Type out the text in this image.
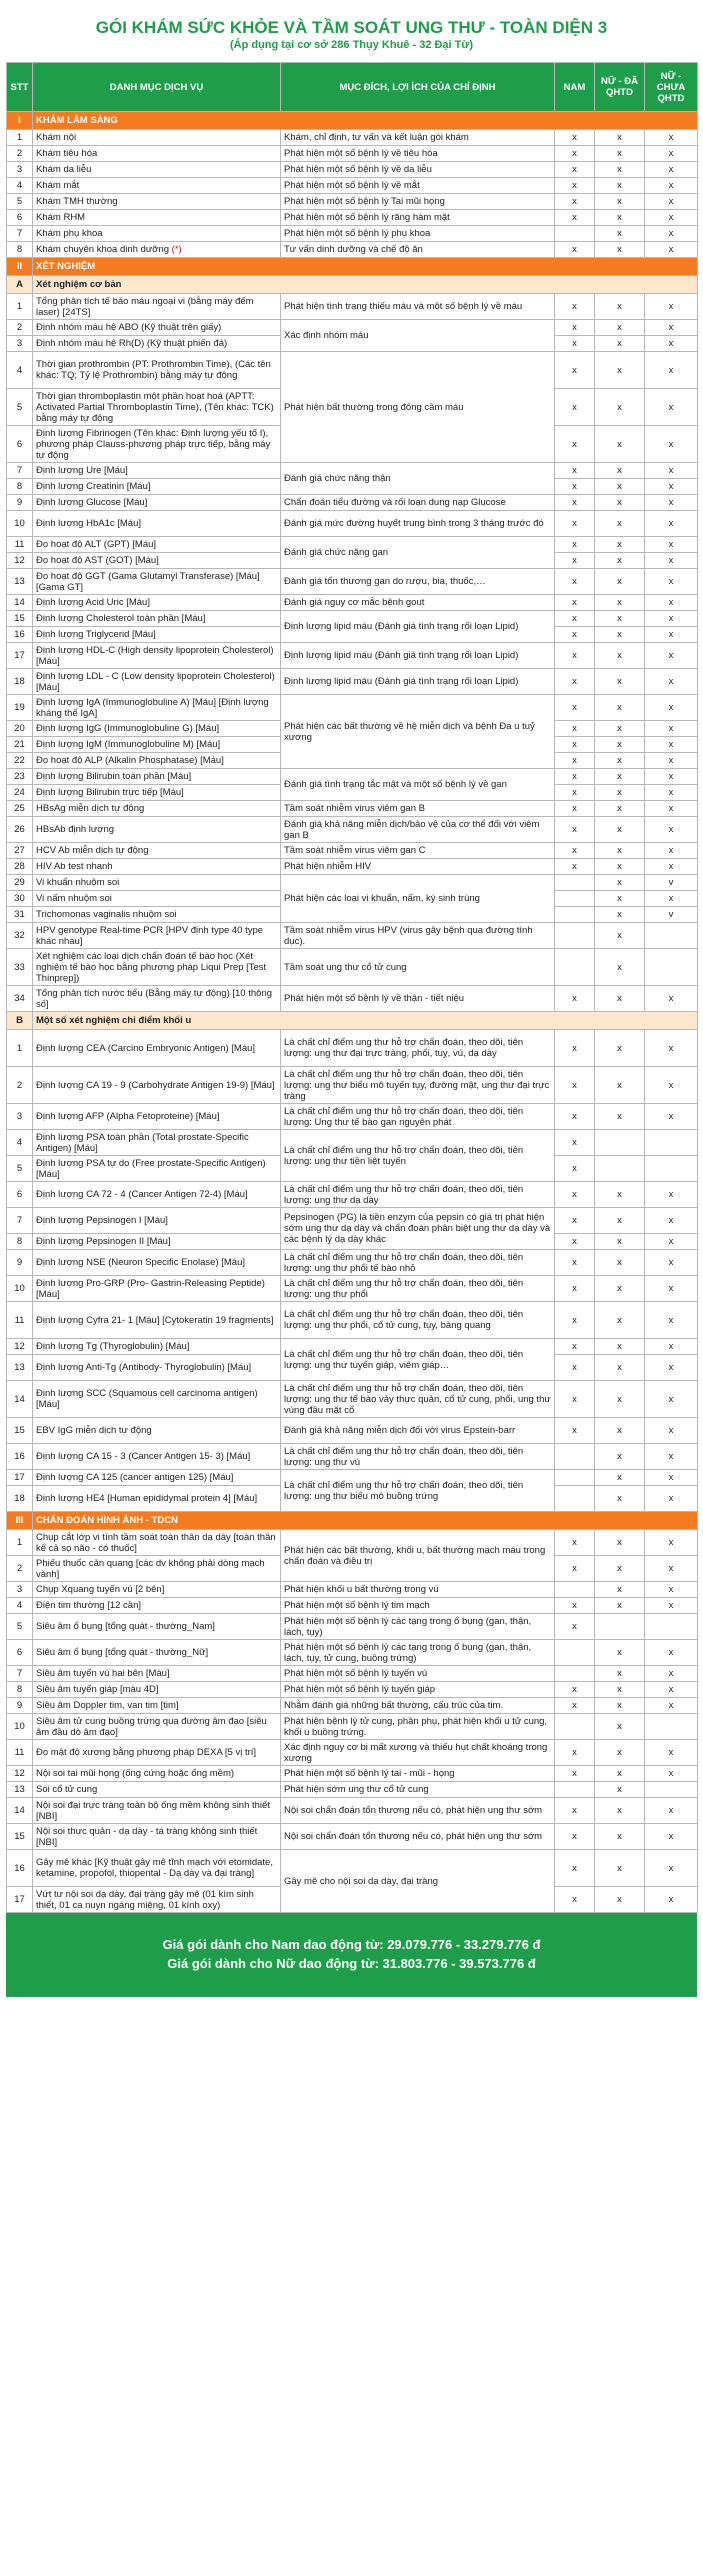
GÓI KHÁM SỨC KHỎE VÀ TẦM SOÁT UNG THƯ - TOÀN DIỆN 3
(Áp dụng tại cơ sở 286 Thụy Khuê - 32 Đại Từ)
STT	DANH MỤC DỊCH VỤ	MỤC ĐÍCH, LỢI ÍCH CỦA CHỈ ĐỊNH	NAM	NỮ - ĐÃ QHTD	NỮ - CHƯA QHTD
I	KHÁM LÂM SÀNG				
1	Khám nội	Khám, chỉ định, tư vấn và kết luận gói khám	x	x	x
2	Khám tiêu hóa	Phát hiện một số bệnh lý về tiêu hóa	x	x	x
3	Khám da liễu	Phát hiện một số bệnh lý về da liễu	x	x	x
4	Khám mắt	Phát hiện một số bệnh lý về mắt	x	x	x
5	Khám TMH thường	Phát hiện một số bệnh lý Tai mũi họng	x	x	x
6	Khám RHM	Phát hiện một số bệnh lý răng hàm mặt	x	x	x
7	Khám phụ khoa	Phát hiện một số bệnh lý phụ khoa		x	x
8	Khám chuyên khoa dinh dưỡng (*)	Tư vấn dinh dưỡng và chế độ ăn	x	x	x
II	XÉT NGHIỆM				
A	Xét nghiệm cơ bản				
1	Tổng phân tích tế bào máu ngoại vi (bằng máy đếm laser) [24TS]	Phát hiện tình trạng thiếu máu và một số bệnh lý về máu	x	x	x
2	Định nhóm máu hệ ABO (Kỹ thuật trên giấy)	Xác định nhóm máu	x	x	x
3	Định nhóm máu hệ Rh(D) (Kỹ thuật phiến đá)		x	x	x
4	Thời gian prothrombin (PT: Prothrombin Time), (Các tên khác: TQ; Tỷ lệ Prothrombin) bằng máy tự động	Phát hiện bất thường trong đông cầm máu	x	x	x
5	Thời gian thromboplastin một phần hoạt hoá (APTT: Activated Partial Thromboplastin Time), (Tên khác: TCK) bằng máy tự động		x	x	x
6	Định lượng Fibrinogen (Tên khác: Định lượng yếu tố I), phương pháp Clauss-phương pháp trực tiếp, bằng máy tự động		x	x	x
7	Định lượng Ure [Máu]	Đánh giá chức năng thận	x	x	x
8	Định lượng Creatinin [Máu]		x	x	x
9	Định lượng Glucose [Máu]	Chẩn đoán tiểu đường và rối loạn dung nạp Glucose	x	x	x
10	Định lượng HbA1c [Máu]	Đánh giá mức đường huyết trung bình trong 3 tháng trước đó	x	x	x
11	Đo hoạt độ ALT (GPT) [Máu]	Đánh giá chức năng gan	x	x	x
12	Đo hoạt độ AST (GOT) [Máu]		x	x	x
13	Đo hoạt độ GGT (Gama Glutamyl Transferase) [Máu] [Gama GT]	Đánh giá tổn thương gan do rượu, bia, thuốc,…	x	x	x
14	Định lượng Acid Uric [Máu]	Đánh giá nguy cơ mắc bệnh gout	x	x	x
15	Định lượng Cholesterol toàn phần [Máu]	Định lượng lipid máu (Đánh giá tình trạng rối loạn Lipid)	x	x	x
16	Định lượng Triglycerid [Máu]		x	x	x
17	Định lượng HDL-C (High density lipoprotein Cholesterol) [Máu]	Định lượng lipid máu (Đánh giá tình trạng rối loạn Lipid)	x	x	x
18	Định lượng LDL - C (Low density lipoprotein Cholesterol) [Máu]	Định lượng lipid máu (Đánh giá tình trạng rối loạn Lipid)	x	x	x
19	Định lượng IgA (Immunoglobuline A) [Máu] [Định lượng kháng thể IgA]	Phát hiện các bất thường về hệ miễn dịch và bệnh Đa u tuỷ xương	x	x	x
20	Định lượng IgG (Immunoglobuline G) [Máu]		x	x	x
21	Định lượng IgM (Immunoglobuline M) [Máu]		x	x	x
22	Đo hoạt độ ALP (Alkalin Phosphatase) [Máu]		x	x	x
23	Định lượng Bilirubin toàn phần [Máu]	Đánh giá tình trạng tắc mật và một số bệnh lý về gan	x	x	x
24	Định lượng Bilirubin trực tiếp [Máu]		x	x	x
25	HBsAg miễn dịch tự động	Tầm soát nhiễm virus viêm gan B	x	x	x
26	HBsAb định lượng	Đánh giá khả năng miễn dịch/bảo vệ của cơ thể đối với viêm gan B	x	x	x
27	HCV Ab miễn dịch tự động	Tầm soát nhiễm virus viêm gan C	x	x	x
28	HIV Ab test nhanh	Phát hiện nhiễm HIV	x	x	x
29	Vi khuẩn nhuộm soi	Phát hiện các loại vi khuẩn, nấm, ký sinh trùng		x	v
30	Vi nấm nhuộm soi			x	x
31	Trichomonas vaginalis nhuộm soi			x	v
32	HPV genotype Real-time PCR [HPV định type 40 type khác nhau]	Tầm soát nhiễm virus HPV (virus gây bệnh qua đường tình dục).		x	
33	Xét nghiệm các loại dịch chẩn đoán tế bào học (Xét nghiệm tế bào học bằng phương pháp Liqui Prep [Test Thinprep])	Tầm soát ung thư cổ tử cung		x	
34	Tổng phân tích nước tiểu (Bằng máy tự động) [10 thông số]	Phát hiện một số bệnh lý về thận - tiết niệu	x	x	x
B	Một số xét nghiệm chỉ điểm khối u				
1	Định lượng CEA (Carcino Embryonic Antigen) [Máu]	Là chất chỉ điểm ung thư hỗ trợ chẩn đoán, theo dõi, tiên lượng: ung thư đại trực tràng, phổi, tuỵ, vú, dạ dày	x	x	x
2	Định lượng CA 19 - 9 (Carbohydrate Antigen 19-9) [Máu]	Là chất chỉ điểm ung thư hỗ trợ chẩn đoán, theo dõi, tiên lượng: ung thư biểu mô tuyến tụy, đường mật, ung thư đại trực tràng	x	x	x
3	Định lượng AFP (Alpha Fetoproteine) [Máu]	Là chất chỉ điểm ung thư hỗ trợ chẩn đoán, theo dõi, tiên lượng: Ung thư tế bào gan nguyên phát	x	x	x
4	Định lượng PSA toàn phần (Total prostate-Specific Antigen) [Máu]	Là chất chỉ điểm ung thư hỗ trợ chẩn đoán, theo dõi, tiên lượng: ung thư tiền liệt tuyến	x		
5	Định lượng PSA tự do (Free prostate-Specific Antigen) [Máu]		x		
6	Định lượng CA 72 - 4 (Cancer Antigen 72-4) [Máu]	Là chất chỉ điểm ung thư hỗ trợ chẩn đoán, theo dõi, tiên lượng: ung thư dạ dày	x	x	x
7	Định lượng Pepsinogen I [Máu]	Pepsinogen (PG) là tiền enzym của pepsin có giá trị phát hiện sớm ung thư dạ dày và chẩn đoán phân biệt ung thư dạ dày và các bệnh lý dạ dày khác	x	x	x
8	Định lượng Pepsinogen II [Máu]		x	x	x
9	Định lượng NSE (Neuron Specific Enolase) [Máu]	Là chất chỉ điểm ung thư hỗ trợ chẩn đoán, theo dõi, tiên lượng: ung thư phổi tế bào nhỏ	x	x	x
10	Định lượng Pro-GRP (Pro- Gastrin-Releasing Peptide) [Máu]	Là chất chỉ điểm ung thư hỗ trợ chẩn đoán, theo dõi, tiên lượng: ung thư phổi	x	x	x
11	Định lượng Cyfra 21- 1 [Máu] [Cytokeratin 19 fragments]	Là chất chỉ điểm ung thư hỗ trợ chẩn đoán, theo dõi, tiên lượng: ung thư phổi, cổ tử cung, tụy, bàng quang	x	x	x
12	Định lượng Tg (Thyroglobulin) [Máu]	Là chất chỉ điểm ung thư hỗ trợ chẩn đoán, theo dõi, tiên lượng: ung thư tuyến giáp, viêm giáp…	x	x	x
13	Định lượng Anti-Tg (Antibody- Thyroglobulin) [Máu]		x	x	x
14	Định lượng SCC (Squamous cell carcinoma antigen) [Máu]	Là chất chỉ điểm ung thư hỗ trợ chẩn đoán, theo dõi, tiên lượng: ung thư tế bào vảy thực quản, cổ tử cung, phổi, ung thư vùng đầu mặt cổ	x	x	x
15	EBV IgG miễn dịch tự động	Đánh giá khả năng miễn dịch đối với virus Epstein-barr	x	x	x
16	Định lượng CA 15 - 3 (Cancer Antigen 15- 3) [Máu]	Là chất chỉ điểm ung thư hỗ trợ chẩn đoán, theo dõi, tiên lượng: ung thư vú		x	x
17	Định lượng CA 125 (cancer antigen 125) [Máu]	Là chất chỉ điểm ung thư hỗ trợ chẩn đoán, theo dõi, tiên lượng: ung thư biểu mô buồng trứng		x	x
18	Định lượng HE4 [Human epididymal protein 4] [Máu]			x	x
III	CHẨN ĐOÁN HÌNH ẢNH - TDCN				
1	Chụp cắt lớp vi tính tầm soát toàn thân dạ dày [toàn thân kể cả sọ não - có thuốc]	Phát hiện các bất thường, khối u, bất thường mạch máu trong chẩn đoán và điều trị	x	x	x
2	Phiếu thuốc cản quang [các dv không phải dòng mạch vành]		x	x	x
3	Chụp Xquang tuyến vú [2 bên]	Phát hiện khối u bất thường trong vú		x	x
4	Điện tim thường [12 cần]	Phát hiện một số bệnh lý tim mạch	x	x	x
5	Siêu âm ổ bụng [tổng quát - thường_Nam]	Phát hiện một số bệnh lý các tạng trong ổ bụng (gan, thận, lách, tụy)	x		
6	Siêu âm ổ bụng [tổng quát - thường_Nữ]	Phát hiện một số bệnh lý các tạng trong ổ bụng (gan, thận, lách, tụy, tử cung, buồng trứng)		x	x
7	Siêu âm tuyến vú hai bên [Màu]	Phát hiện một số bệnh lý tuyến vú		x	x
8	Siêu âm tuyến giáp [màu 4D]	Phát hiện một số bệnh lý tuyến giáp	x	x	x
9	Siêu âm Doppler tim, van tim [tim]	Nhằm đánh giá những bất thường, cấu trúc của tim.	x	x	x
10	Siêu âm tử cung buồng trứng qua đường âm đạo [siêu âm đầu dò âm đạo]	Phát hiện bệnh lý tử cung, phần phụ, phát hiện khối u tử cung, khối u buồng trứng.		x	
11	Đo mật độ xương bằng phương pháp DEXA [5 vị trí]	Xác định nguy cơ bị mất xương và thiếu hụt chất khoáng trong xương	x	x	x
12	Nội soi tai mũi họng (ống cứng hoặc ống mềm)	Phát hiện một số bệnh lý tai - mũi - họng	x	x	x
13	Soi cổ tử cung	Phát hiện sớm ung thư cổ tử cung		x	
14	Nội soi đại trực tràng toàn bộ ống mềm không sinh thiết [NBI]	Nội soi chẩn đoán tổn thương nếu có, phát hiện ung thư sớm	x	x	x
15	Nội soi thực quản - dạ dày - tá tràng không sinh thiết [NBI]	Nội soi chẩn đoán tổn thương nếu có, phát hiện ung thư sớm	x	x	x
16	Gây mê khác [Kỹ thuật gây mê tĩnh mạch với etomidate, ketamine, propofol, thiopental - Dạ dày và đại tràng]	Gây mê cho nội soi dạ dày, đại tràng	x	x	x
17	Vứt tư nội soi dạ dày, đại tràng gây mê (01 kìm sinh thiết, 01 ca nuyn ngáng miệng, 01 kính oxy)		x	x	x
Giá gói dành cho Nam dao động từ: 29.079.776 - 33.279.776 đ
Giá gói dành cho Nữ dao động từ: 31.803.776 - 39.573.776 đ
